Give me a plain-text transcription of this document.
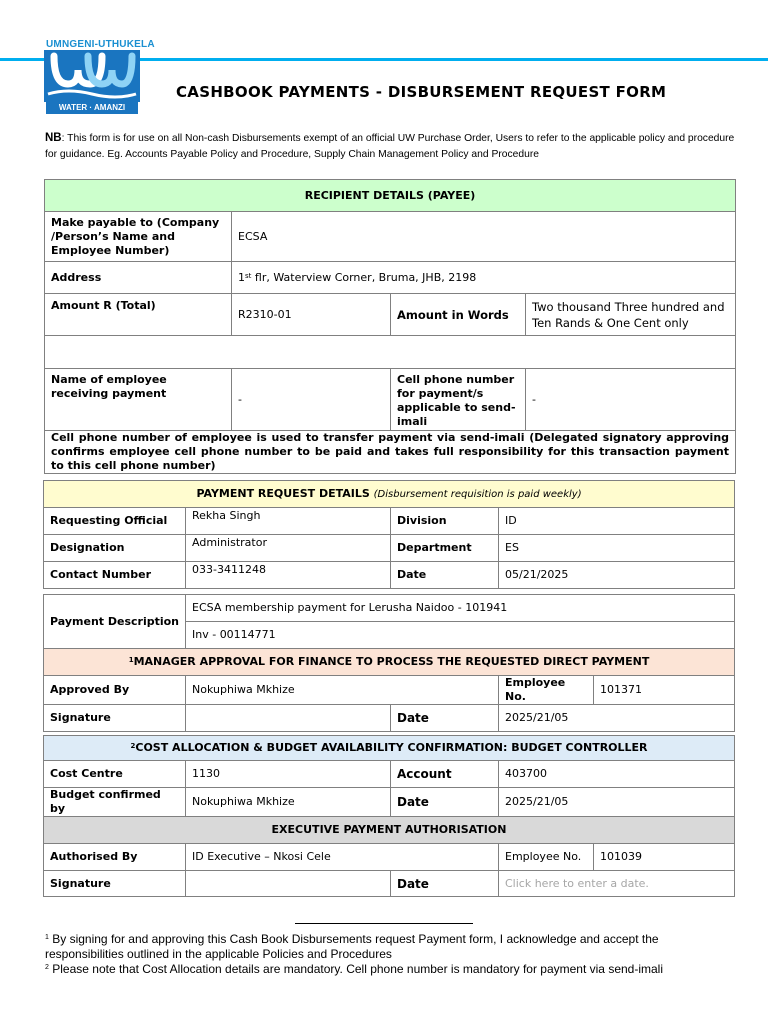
UMNGENI-UTHUKELA
WATER · AMANZI
CASHBOOK PAYMENTS - DISBURSEMENT REQUEST FORM
NB: This form is for use on all Non-cash Disbursements exempt of an official UW Purchase Order, Users to refer to the applicable policy and procedure for guidance. Eg. Accounts Payable Policy and Procedure, Supply Chain Management Policy and Procedure
RECIPIENT DETAILS (PAYEE)			
Make payable to (Company /Person’s Name and Employee Number)	ECSA		
Address	1st flr, Waterview Corner, Bruma, JHB, 2198		
Amount R (Total)	R2310-01	Amount in Words	Two thousand Three hundred and Ten Rands & One Cent only

Name of employee receiving payment	-	Cell phone number for payment/s applicable to send-imali	-
Cell phone number of employee is used to transfer payment via send-imali (Delegated signatory approving confirms employee cell phone number to be paid and takes full responsibility for this transaction payment to this cell phone number)			
PAYMENT REQUEST DETAILS (Disbursement requisition is paid weekly)				
Requesting Official	Rekha Singh	Division	ID	
Designation	Administrator	Department	ES	
Contact Number	033-3411248	Date	05/21/2025	

Payment Description	ECSA membership payment for Lerusha Naidoo - 101941			
	Inv - 00114771			
$^1$MANAGER APPROVAL FOR FINANCE TO PROCESS THE REQUESTED DIRECT PAYMENT				
Approved By	Nokuphiwa Mkhize		Employee No.	101371
Signature		Date	2025/21/05	

$^2$COST ALLOCATION & BUDGET AVAILABILITY CONFIRMATION: BUDGET CONTROLLER				
Cost Centre	1130	Account	403700	
Budget confirmed by	Nokuphiwa Mkhize	Date	2025/21/05	
EXECUTIVE PAYMENT AUTHORISATION				
Authorised By	ID Executive – Nkosi Cele		Employee No.	101039
Signature		Date	Click here to enter a date.	
$^1$ By signing for and approving this Cash Book Disbursements request Payment form, I acknowledge and accept the responsibilities outlined in the applicable Policies and Procedures
$^2$ Please note that Cost Allocation details are mandatory. Cell phone number is mandatory for payment via send-imali
